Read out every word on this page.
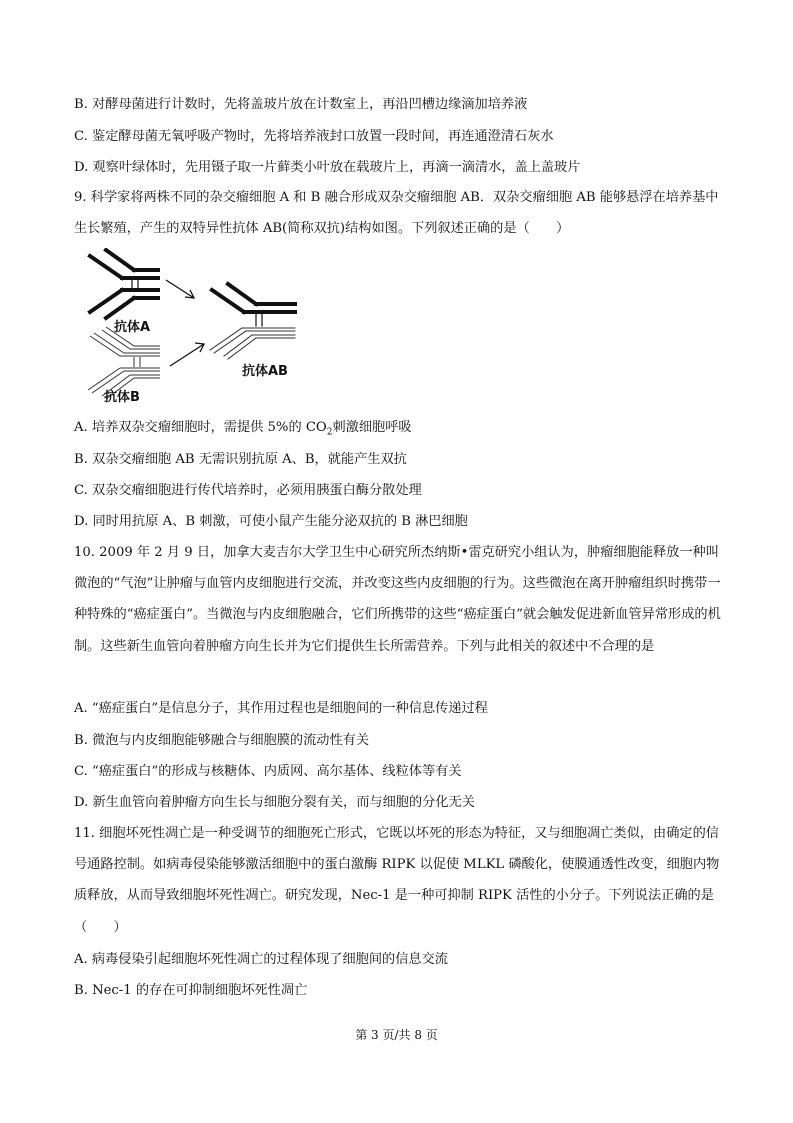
B. 对酵母菌进行计数时，先将盖玻片放在计数室上，再沿凹槽边缘滴加培养液
C. 鉴定酵母菌无氧呼吸产物时，先将培养液封口放置一段时间，再连通澄清石灰水
D. 观察叶绿体时，先用镊子取一片藓类小叶放在载玻片上，再滴一滴清水，盖上盖玻片
9. 科学家将两株不同的杂交瘤细胞 A 和 B 融合形成双杂交瘤细胞 AB．双杂交瘤细胞 AB 能够悬浮在培养基中生长繁殖，产生的双特异性抗体 AB(简称双抗)结构如图。下列叙述正确的是（　　）
抗体A
抗体B
抗体AB
A. 培养双杂交瘤细胞时，需提供 5%的 $CO_2$刺激细胞呼吸
B. 双杂交瘤细胞 AB 无需识别抗原 A、B，就能产生双抗
C. 双杂交瘤细胞进行传代培养时，必须用胰蛋白酶分散处理
D. 同时用抗原 A、B 刺激，可使小鼠产生能分泌双抗的 B 淋巴细胞
10. 2009 年 2 月 9 日，加拿大麦吉尔大学卫生中心研究所杰纳斯•雷克研究小组认为，肿瘤细胞能释放一种叫微泡的“气泡”让肿瘤与血管内皮细胞进行交流，并改变这些内皮细胞的行为。这些微泡在离开肿瘤组织时携带一种特殊的“癌症蛋白”。当微泡与内皮细胞融合，它们所携带的这些“癌症蛋白”就会触发促进新血管异常形成的机制。这些新生血管向着肿瘤方向生长并为它们提供生长所需营养。下列与此相关的叙述中不合理的是
A. “癌症蛋白”是信息分子，其作用过程也是细胞间的一种信息传递过程
B. 微泡与内皮细胞能够融合与细胞膜的流动性有关
C. “癌症蛋白”的形成与核糖体、内质网、高尔基体、线粒体等有关
D. 新生血管向着肿瘤方向生长与细胞分裂有关，而与细胞的分化无关
11. 细胞坏死性凋亡是一种受调节的细胞死亡形式，它既以坏死的形态为特征，又与细胞凋亡类似，由确定的信号通路控制。如病毒侵染能够激活细胞中的蛋白激酶 RIPK 以促使 MLKL 磷酸化，使膜通透性改变，细胞内物质释放，从而导致细胞坏死性凋亡。研究发现，Nec-1 是一种可抑制 RIPK 活性的小分子。下列说法正确的是（　　）
A. 病毒侵染引起细胞坏死性凋亡的过程体现了细胞间的信息交流
B. Nec-1 的存在可抑制细胞坏死性凋亡
第 3 页/共 8 页
